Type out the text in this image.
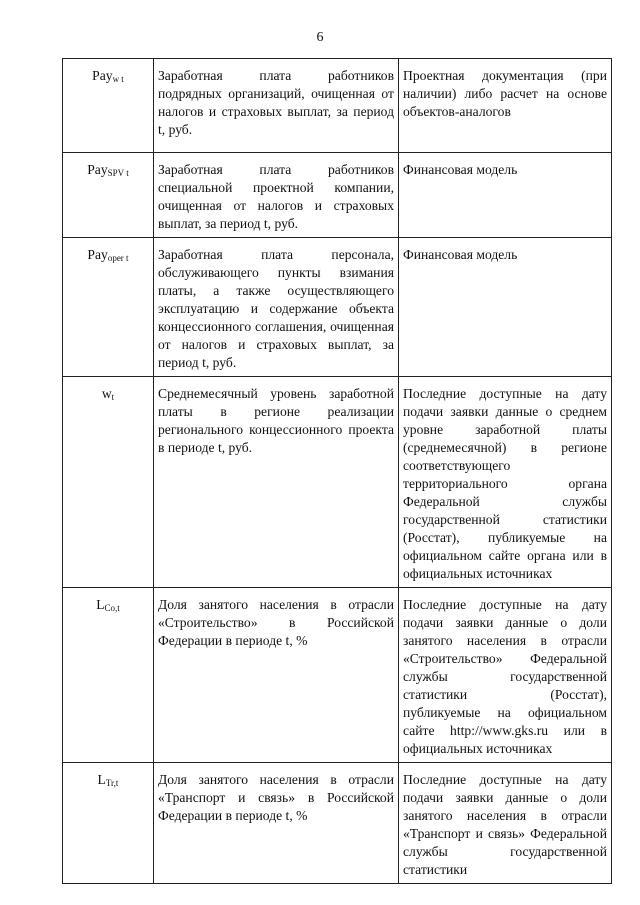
6
Pay$_{w t}$	Заработная плата работников подрядных организаций, очищенная от налогов и страховых выплат, за период t, руб.	Проектная документация (при наличии) либо расчет на основе объектов-аналогов
Pay$_{SPV t}$	Заработная плата работников специальной проектной компании, очищенная от налогов и страховых выплат, за период t, руб.	Финансовая модель
Pay$_{oper t}$	Заработная плата персонала, обслуживающего пункты взимания платы, а также осуществляющего эксплуатацию и содержание объекта концессионного соглашения, очищенная от налогов и страховых выплат, за период t, руб.	Финансовая модель
$w_t$	Среднемесячный уровень заработной платы в регионе реализации регионального концессионного проекта в периоде t, руб.	Последние доступные на дату подачи заявки данные о среднем уровне заработной платы (среднемесячной) в регионе соответствующего территориального органа Федеральной службы государственной статистики (Росстат), публикуемые на официальном сайте органа или в официальных источниках
$L_{Co,t}$	Доля занятого населения в отрасли «Строительство» в Российской Федерации в периоде t, %	Последние доступные на дату подачи заявки данные о доли занятого населения в отрасли «Строительство» Федеральной службы государственной статистики (Росстат), публикуемые на официальном сайте http://www.gks.ru или в официальных источниках
$L_{Tr,t}$	Доля занятого населения в отрасли «Транспорт и связь» в Российской Федерации в периоде t, %	Последние доступные на дату подачи заявки данные о доли занятого населения в отрасли «Транспорт и связь» Федеральной службы государственной статистики
